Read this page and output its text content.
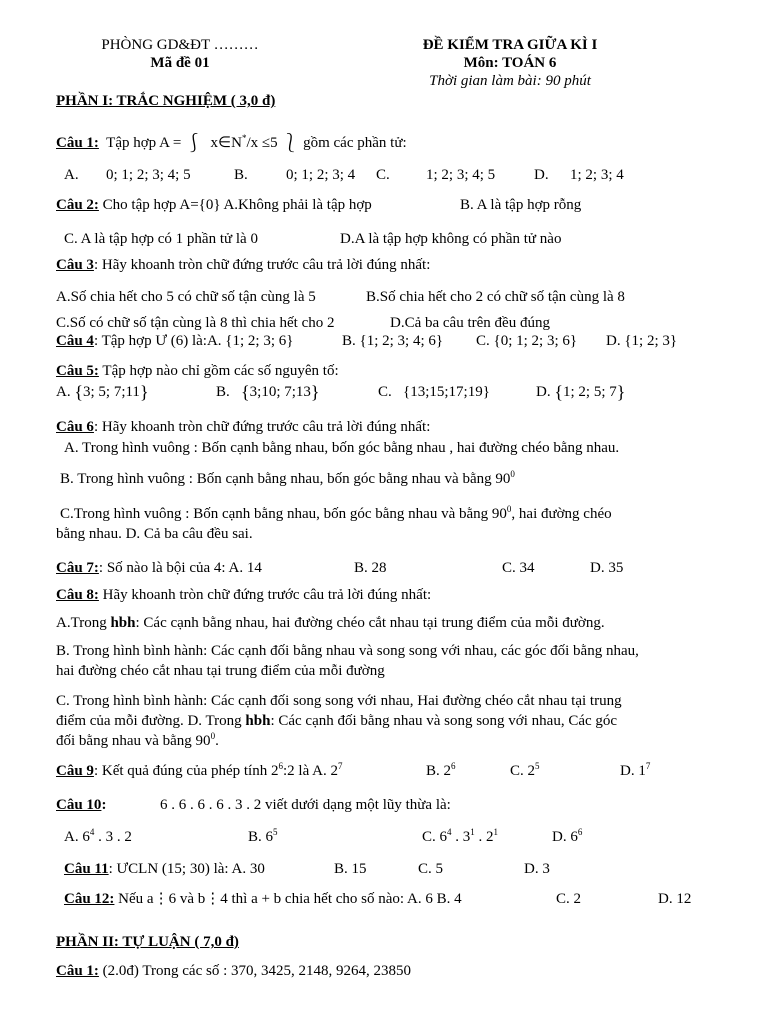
PHÒNG GD&ĐT ………
Mã đề 01
ĐỀ KIỂM TRA GIỮA KÌ I
Môn: TOÁN 6
Thời gian làm bài: 90 phút
PHẦN I: TRẮC NGHIỆM ( 3,0 đ)
Câu 1: Tập hợp A = ⎰ x∈N*/x ≤5 ⎱ gồm các phần tử:
A. 0; 1; 2; 3; 4; 5	B.	0; 1; 2; 3; 4 C. 1; 2; 3; 4; 5	D. 1; 2; 3; 4
Câu 2: Cho tập hợp A={0} A.Không phải là tập hợp	B. A là tập hợp rỗng
C. A là tập hợp có 1 phần tử là 0	D.A là tập hợp không có phần tử nào
Câu 3: Hãy khoanh tròn chữ đứng trước câu trả lời đúng nhất:
A.Số chia hết cho 5 có chữ số tận cùng là 5	B.Số chia hết cho 2 có chữ số tận cùng là 8
C.Số có chữ số tận cùng là 8 thì chia hết cho 2	D.Cả ba câu trên đều đúng
Câu 4: Tập hợp Ư (6) là:A. {1; 2; 3; 6}	B. {1; 2; 3; 4; 6} C. {0; 1; 2; 3; 6} D. {1; 2; 3}
Câu 5: Tập hợp nào chỉ gồm các số nguyên tố:
A. {3; 5; 7;11}	B. {3;10; 7;13}	C.   {13;15;17;19}	D. {1; 2; 5; 7}
Câu 6: Hãy khoanh tròn chữ đứng trước câu trả lời đúng nhất:
A. Trong hình vuông : Bốn cạnh bằng nhau, bốn góc bằng nhau , hai đường chéo bằng nhau.
B. Trong hình vuông : Bốn cạnh bằng nhau, bốn góc bằng nhau và bằng $90^0$
C.Trong hình vuông : Bốn cạnh bằng nhau, bốn góc bằng nhau và bằng $90^0$, hai đường chéo
bằng nhau. D. Cả ba câu đều sai.
Câu 7:: Số nào là bội của 4: A. 14	B. 28	C. 34	D. 35
Câu 8: Hãy khoanh tròn chữ đứng trước câu trả lời đúng nhất:
A.Trong hbh: Các cạnh bằng nhau, hai đường chéo cắt nhau tại trung điểm của mỗi đường.
B. Trong hình bình hành: Các cạnh đối bằng nhau và song song với nhau, các góc đối bằng nhau,
hai đường chéo cắt nhau tại trung điểm của mỗi đường
C. Trong hình bình hành: Các cạnh đối song song với nhau, Hai đường chéo cắt nhau tại trung
điểm của mỗi đường. D. Trong hbh: Các cạnh đối bằng nhau và song song với nhau, Các góc
đối bằng nhau và bằng $90^0$.
Câu 9: Kết quả đúng của phép tính $2^6:2$ là A. $2^7$	B. $2^6$	C. $2^5$	D. $1^7$
Câu 10:	6 . 6 . 6 . 6 . 3 . 2 viết dưới dạng một lũy thừa là:
A. $6^4$ . 3 . 2	B. $6^5$	C. $6^4$ . $3^1$ . $2^1$	D. $6^6$
Câu 11: ƯCLN (15; 30) là: A. 30	B. 15	C. 5	D. 3
Câu 12: Nếu a⋮6 và b⋮4 thì a + b chia hết cho số nào: A. 6 B. 4	C. 2	D. 12
PHẦN II: TỰ LUẬN ( 7,0 đ)
Câu 1: (2.0đ) Trong các số : 370, 3425, 2148, 9264, 23850
